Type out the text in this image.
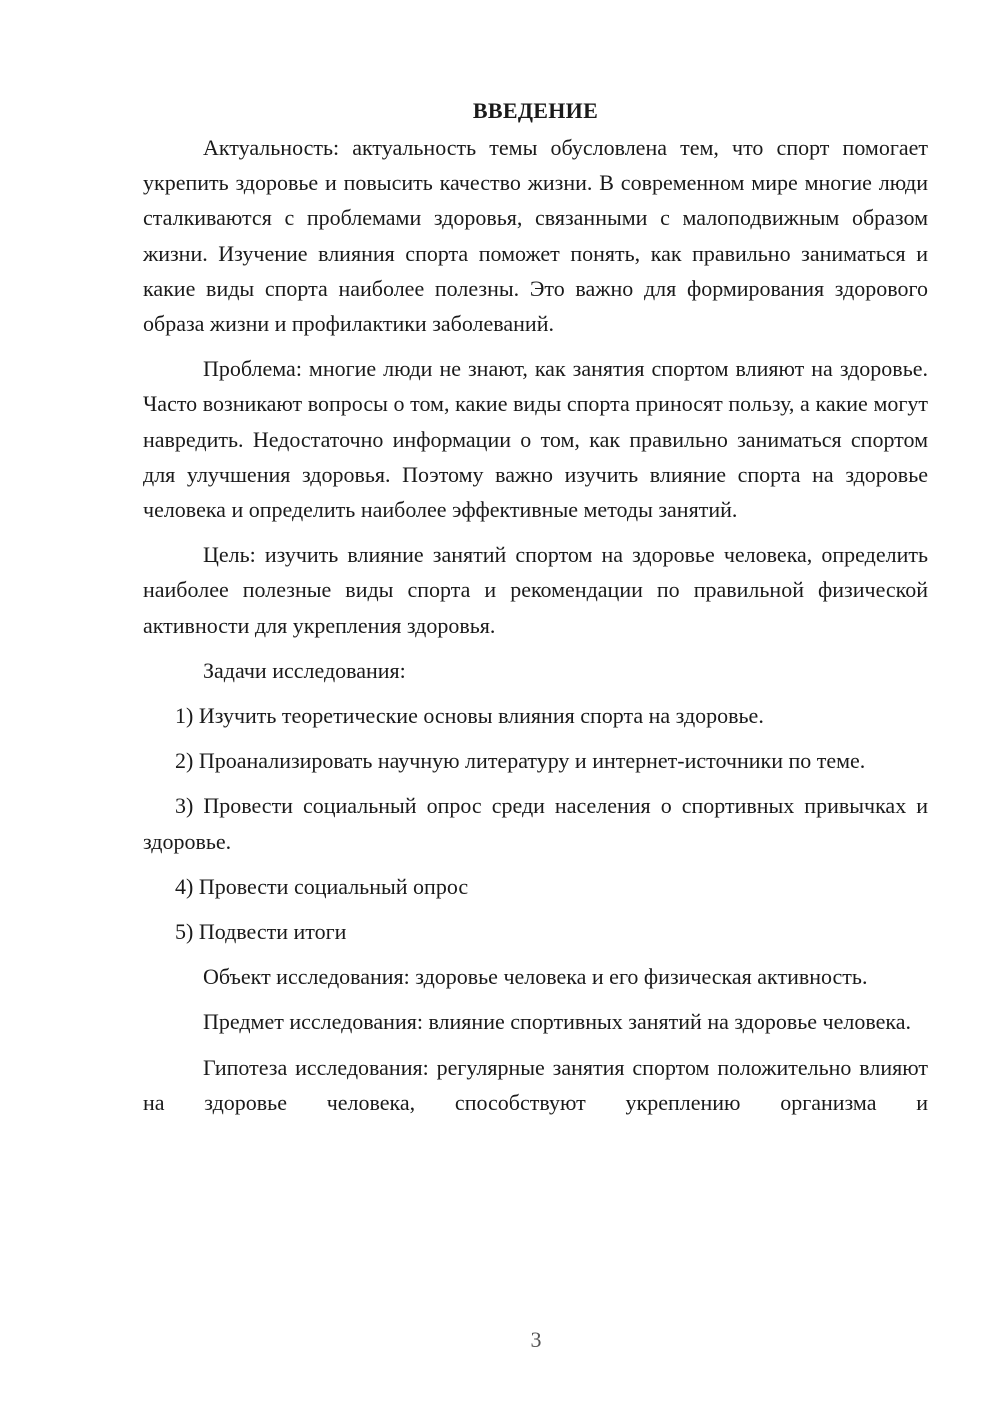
ВВЕДЕНИЕ

Актуальность: актуальность темы обусловлена тем, что спорт помогает укрепить здоровье и повысить качество жизни. В современном мире многие люди сталкиваются с проблемами здоровья, связанными с малоподвижным образом жизни. Изучение влияния спорта поможет понять, как правильно заниматься и какие виды спорта наиболее полезны. Это важно для формирования здорового образа жизни и профилактики заболеваний.

Проблема: многие люди не знают, как занятия спортом влияют на здоровье. Часто возникают вопросы о том, какие виды спорта приносят пользу, а какие могут навредить. Недостаточно информации о том, как правильно заниматься спортом для улучшения здоровья. Поэтому важно изучить влияние спорта на здоровье человека и определить наиболее эффективные методы занятий.

Цель: изучить влияние занятий спортом на здоровье человека, определить наиболее полезные виды спорта и рекомендации по правильной физической активности для укрепления здоровья.

Задачи исследования:

1) Изучить теоретические основы влияния спорта на здоровье.

2) Проанализировать научную литературу и интернет-источники по теме.

3) Провести социальный опрос среди населения о спортивных привычках и здоровье.

4) Провести социальный опрос

5) Подвести итоги

Объект исследования: здоровье человека и его физическая активность.

Предмет исследования: влияние спортивных занятий на здоровье человека.

Гипотеза исследования: регулярные занятия спортом положительно влияют на здоровье человека, способствуют укреплению организма и

3
